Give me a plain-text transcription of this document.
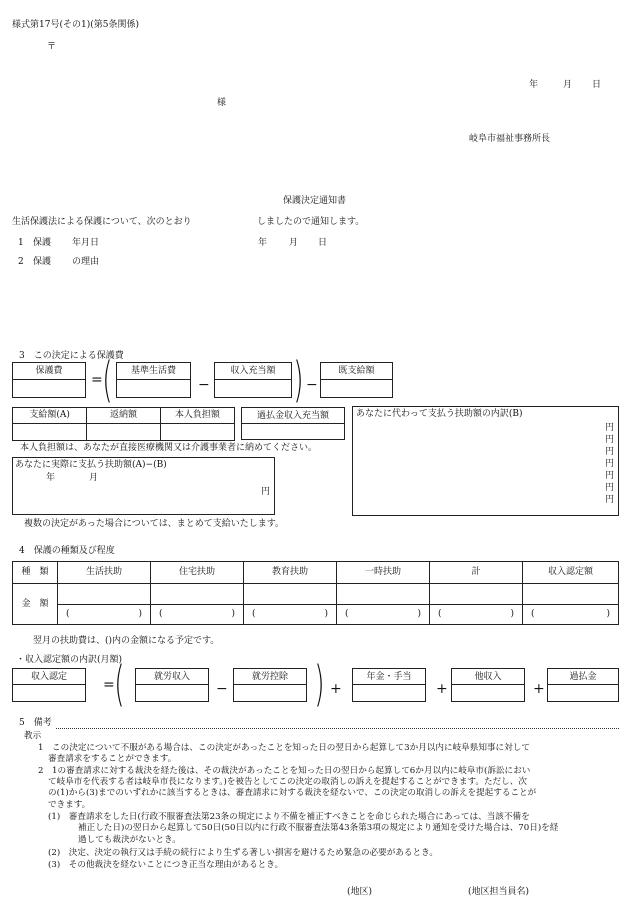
様式第17号(その1)(第5条関係)
〒
年	月 日
様
岐阜市福祉事務所長
保護決定通知書
生活保護法による保護について、次のとおり	しましたので通知します。
1 保護 年月日	年 月 日
2 保護 の理由
3　この決定による保護費
保護費
= (	基準生活費
−
収入充当額 ) −
既支給額
支給額(A)	返納額	本人負担額
			過払金収入充当額	あなたに代わって支払う扶助額の内訳(B)
円
円
円
円
円
円
円
本人負担額は、あなたが直接医療機関又は介護事業者に納めてください。
あなたに実際に支払う扶助額(A)−(B)
年	月
円
複数の決定があった場合については、まとめて支給いたします。
4　保護の種類及び程度
種　類	生活扶助	住宅扶助	教育扶助	一時扶助	計	収入認定額
金　額						
	( )	( )	( )	( )	( )	( )
翌月の扶助費は、()内の金額になる予定です。
・収入認定額の内訳(月額)
収入認定	= (	就労収入
−
就労控除 ) +
年金・手当
+
他収入
+
過払金
5　備考
教示
1　この決定について不服がある場合は、この決定があったことを知った日の翌日から起算して3か月以内に岐阜県知事に対して
審査請求をすることができます。
2　1の審査請求に対する裁決を経た後は、その裁決があったことを知った日の翌日から起算して6か月以内に岐阜市(訴訟におい
て岐阜市を代表する者は岐阜市長になります。)を被告としてこの決定の取消しの訴えを提起することができます。ただし、次
の(1)から(3)までのいずれかに該当するときは、審査請求に対する裁決を経ないで、この決定の取消しの訴えを提起することが
できます。
(1)　審査請求をした日(行政不服審査法第23条の規定により不備を補正すべきことを命じられた場合にあっては、当該不備を
補正した日)の翌日から起算して50日(50日以内に行政不服審査法第43条第3項の規定により通知を受けた場合は、70日)を経
過しても裁決がないとき。
(2)　決定、決定の執行又は手続の続行により生ずる著しい損害を避けるため緊急の必要があるとき。
(3)　その他裁決を経ないことにつき正当な理由があるとき。
(地区)	(地区担当員名)
